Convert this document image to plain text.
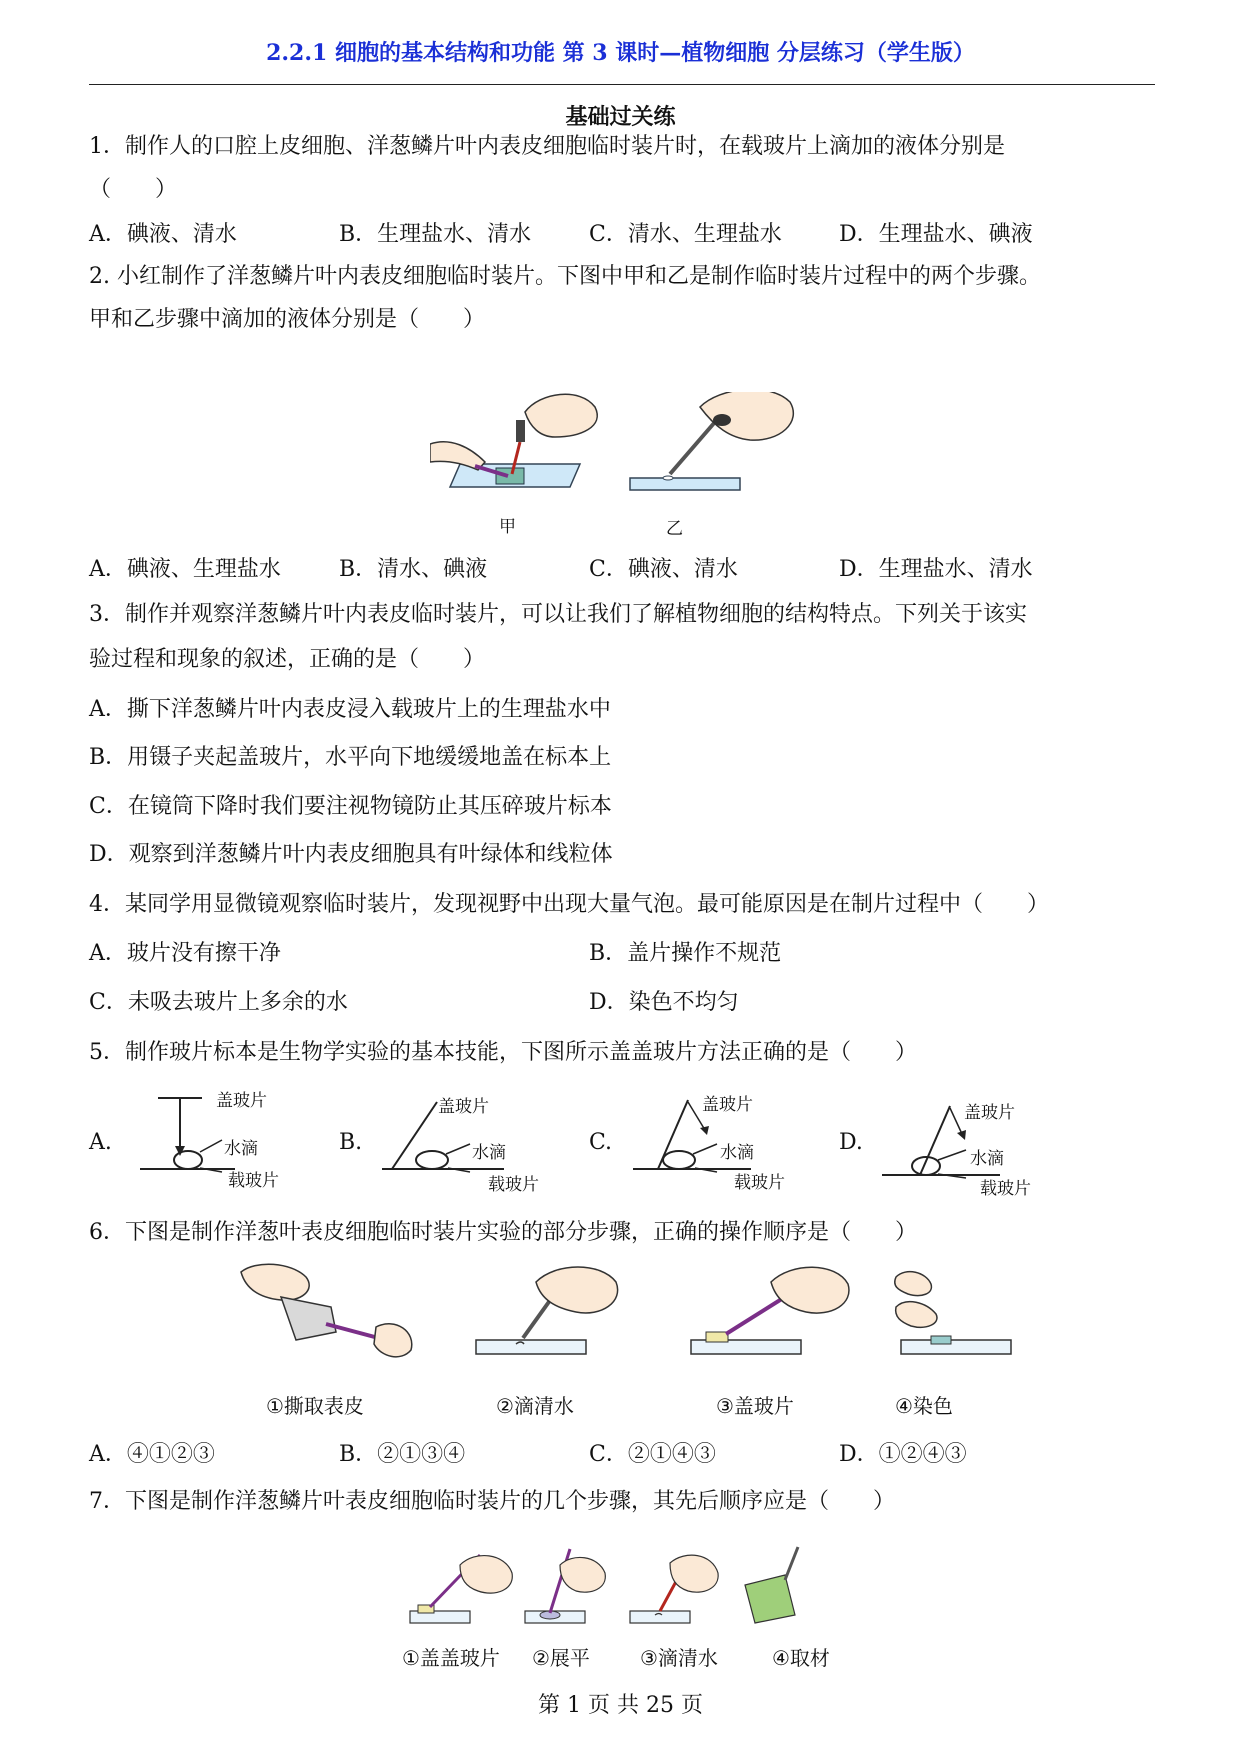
2.2.1 细胞的基本结构和功能 第 3 课时—植物细胞 分层练习（学生版）
基础过关练
1．制作人的口腔上皮细胞、洋葱鳞片叶内表皮细胞临时装片时，在载玻片上滴加的液体分别是
（　　）
A．碘液、清水	B．生理盐水、清水	C．清水、生理盐水	D．生理盐水、碘液
2. 小红制作了洋葱鳞片叶内表皮细胞临时装片。下图中甲和乙是制作临时装片过程中的两个步骤。
甲和乙步骤中滴加的液体分别是（　　）
甲	乙
A．碘液、生理盐水	B．清水、碘液	C．碘液、清水	D．生理盐水、清水
3．制作并观察洋葱鳞片叶内表皮临时装片，可以让我们了解植物细胞的结构特点。下列关于该实
验过程和现象的叙述，正确的是（　　）
A．撕下洋葱鳞片叶内表皮浸入载玻片上的生理盐水中
B．用镊子夹起盖玻片，水平向下地缓缓地盖在标本上
C．在镜筒下降时我们要注视物镜防止其压碎玻片标本
D．观察到洋葱鳞片叶内表皮细胞具有叶绿体和线粒体
4．某同学用显微镜观察临时装片，发现视野中出现大量气泡。最可能原因是在制片过程中（　　）
A．玻片没有擦干净	B．盖片操作不规范
C．未吸去玻片上多余的水	D．染色不均匀
5．制作玻片标本是生物学实验的基本技能，下图所示盖盖玻片方法正确的是（　　）
A.	B.	C.	D.
盖玻片
水滴
载玻片
盖玻片
水滴
载玻片
盖玻片
水滴
载玻片
盖玻片
水滴
载玻片
6．下图是制作洋葱叶表皮细胞临时装片实验的部分步骤，正确的操作顺序是（　　）
①撕取表皮	②滴清水	③盖玻片	④染色
A．④①②③	B．②①③④	C．②①④③	D．①②④③
7．下图是制作洋葱鳞片叶表皮细胞临时装片的几个步骤，其先后顺序应是（　　）
①盖盖玻片 ②展平	③滴清水	④取材
第 1 页 共 25 页
